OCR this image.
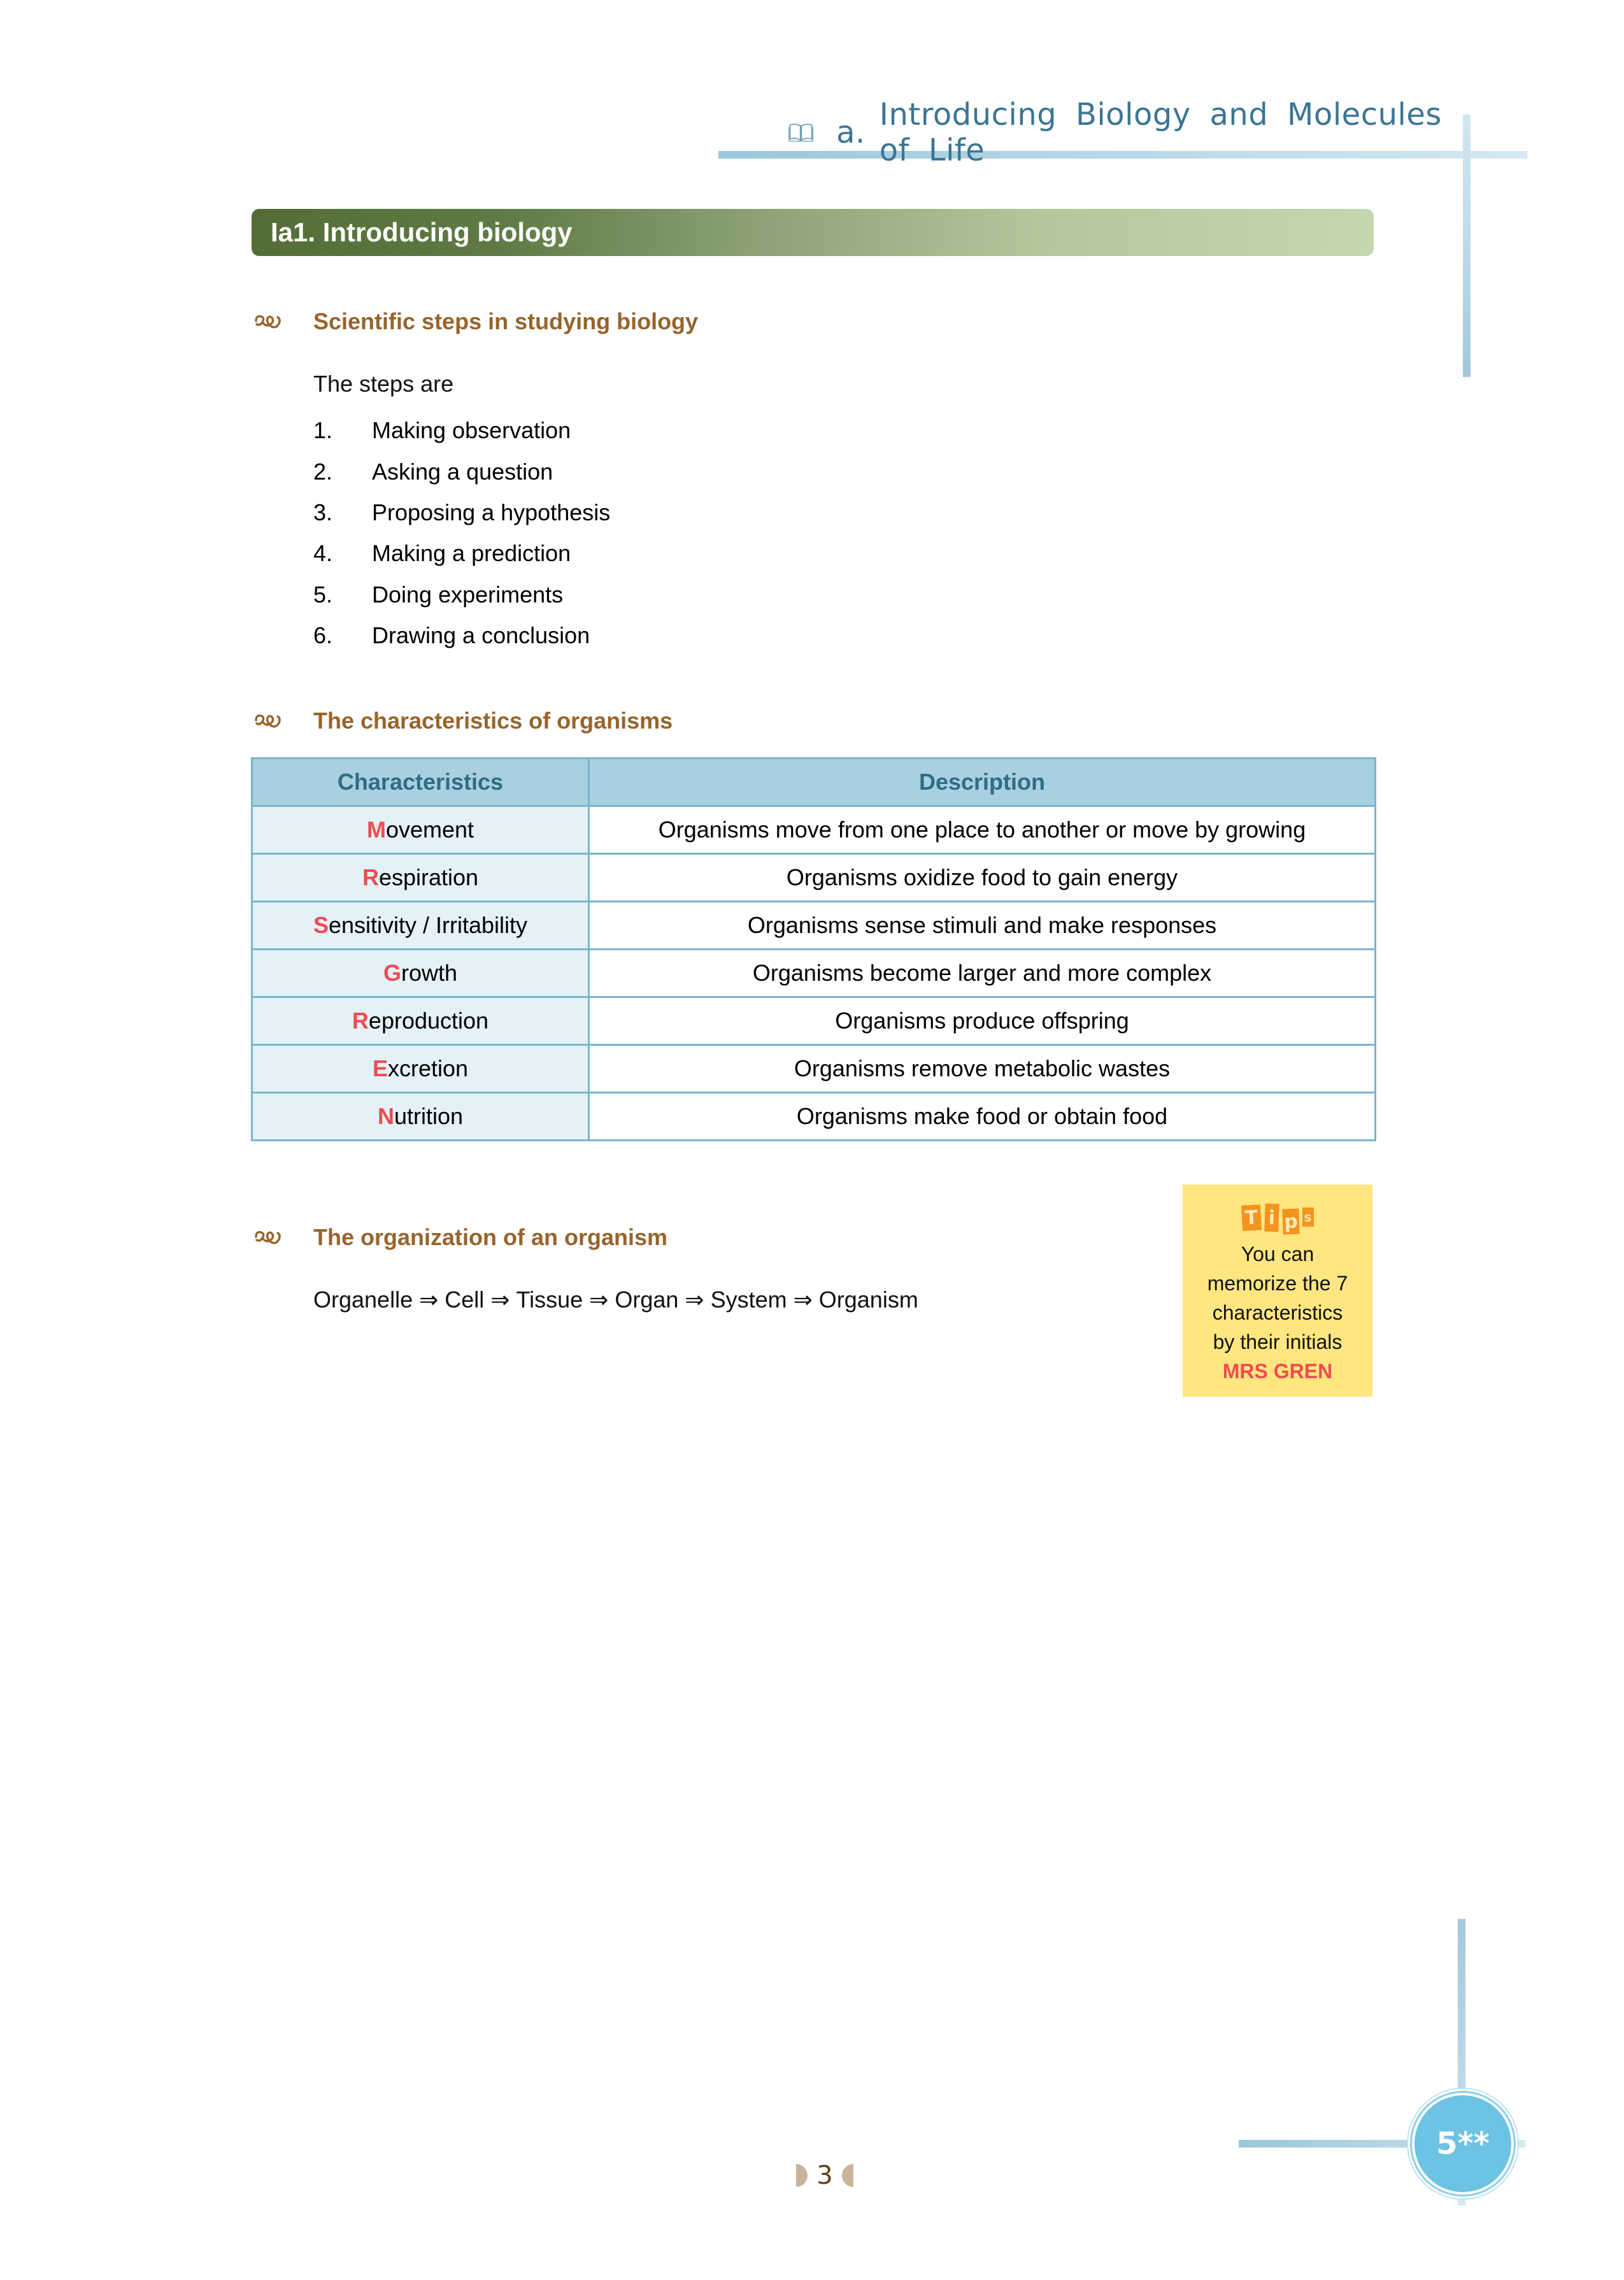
a. Introducing Biology and Molecules of Life
Ia1. Introducing biology
Scientific steps in studying biology
The steps are
1.	Making observation
2.	Asking a question
3.	Proposing a hypothesis
4.	Making a prediction
5.	Doing experiments
6.	Drawing a conclusion
The characteristics of organisms
Characteristics	Description
Movement	Organisms move from one place to another or move by growing
Respiration	Organisms oxidize food to gain energy
Sensitivity / Irritability	Organisms sense stimuli and make responses
Growth	Organisms become larger and more complex
Reproduction	Organisms produce offspring
Excretion	Organisms remove metabolic wastes
Nutrition	Organisms make food or obtain food
The organization of an organism
Organelle ⇒ Cell ⇒ Tissue ⇒ Organ ⇒ System ⇒ Organism
T i p s
You can
memorize the 7
characteristics
by their initials
MRS GREN
3
5**
